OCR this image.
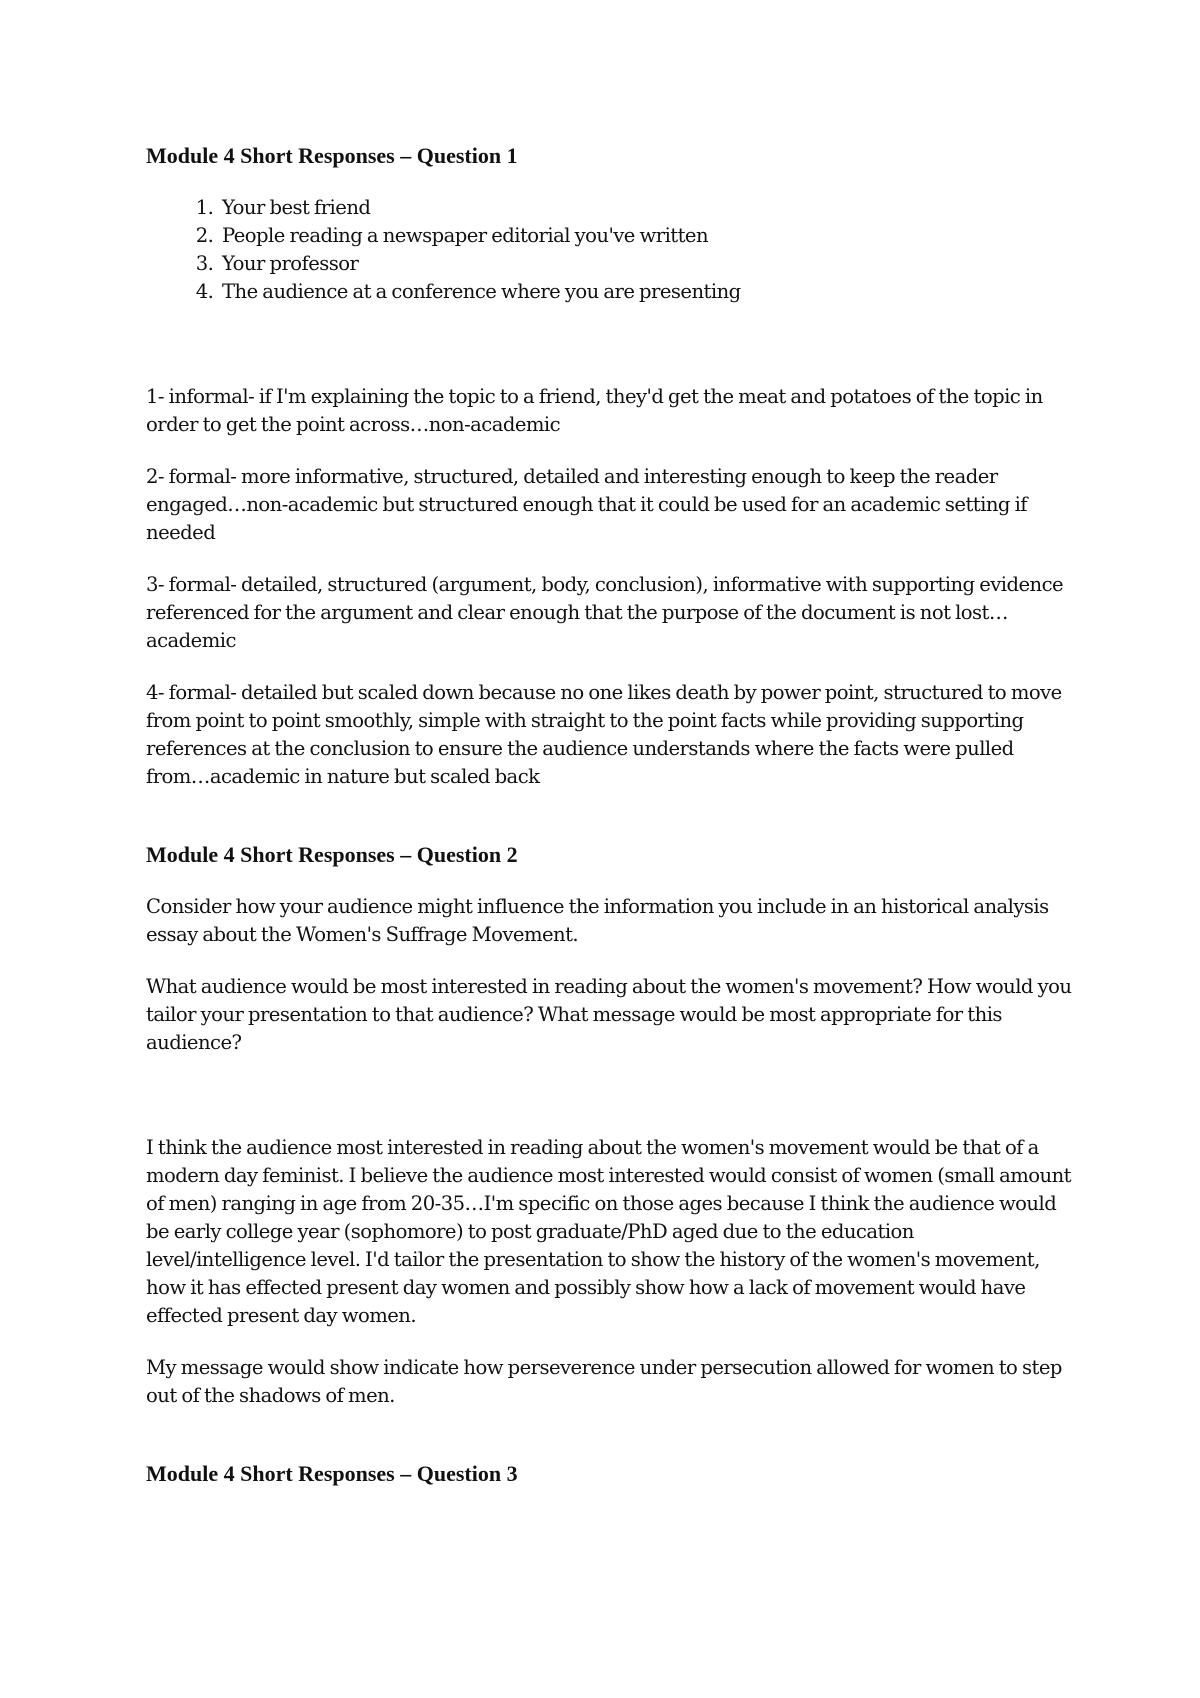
Module 4 Short Responses – Question 1
1. Your best friend
2. People reading a newspaper editorial you've written
3. Your professor
4. The audience at a conference where you are presenting

1- informal- if I'm explaining the topic to a friend, they'd get the meat and potatoes of the topic in order to get the point across…non-academic

2- formal- more informative, structured, detailed and interesting enough to keep the reader engaged…non-academic but structured enough that it could be used for an academic setting if needed

3- formal- detailed, structured (argument, body, conclusion), informative with supporting evidence referenced for the argument and clear enough that the purpose of the document is not lost…academic

4- formal- detailed but scaled down because no one likes death by power point, structured to move from point to point smoothly, simple with straight to the point facts while providing supporting references at the conclusion to ensure the audience understands where the facts were pulled from…academic in nature but scaled back

Module 4 Short Responses – Question 2

Consider how your audience might influence the information you include in an historical analysis essay about the Women's Suffrage Movement.

What audience would be most interested in reading about the women's movement? How would you tailor your presentation to that audience? What message would be most appropriate for this audience?

I think the audience most interested in reading about the women's movement would be that of a modern day feminist. I believe the audience most interested would consist of women (small amount of men) ranging in age from 20-35…I'm specific on those ages because I think the audience would be early college year (sophomore) to post graduate/PhD aged due to the education level/intelligence level. I'd tailor the presentation to show the history of the women's movement, how it has effected present day women and possibly show how a lack of movement would have effected present day women.

My message would show indicate how perseverence under persecution allowed for women to step out of the shadows of men.

Module 4 Short Responses – Question 3
